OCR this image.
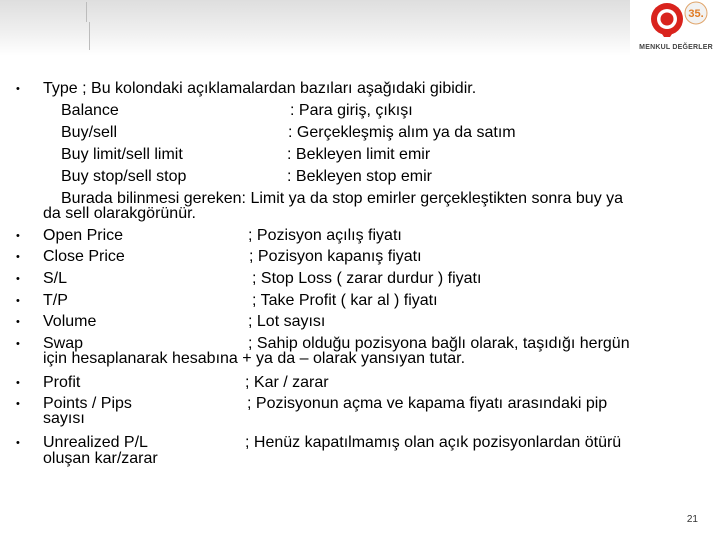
35.
MENKUL DEĞERLER
• Type ; Bu kolondaki açıklamalardan bazıları aşağıdaki gibidir.
Balance	: Para giriş, çıkışı
Buy/sell	: Gerçekleşmiş alım ya da satım
Buy limit/sell limit	: Bekleyen limit emir
Buy stop/sell stop	: Bekleyen stop emir
Burada bilinmesi gereken: Limit ya da stop emirler gerçekleştikten sonra buy ya
da sell olarakgörünür.
• Open Price	; Pozisyon açılış fiyatı
• Close Price	; Pozisyon kapanış fiyatı
• S/L	; Stop Loss ( zarar durdur ) fiyatı
• T/P	; Take Profit ( kar al ) fiyatı
• Volume	; Lot sayısı
• Swap	; Sahip olduğu pozisyona bağlı olarak, taşıdığı hergün
için hesaplanarak hesabına + ya da – olarak yansıyan tutar.
• Profit	; Kar / zarar
• Points / Pips	; Pozisyonun açma ve kapama fiyatı arasındaki pip
sayısı
• Unrealized P/L	; Henüz kapatılmamış olan açık pozisyonlardan ötürü
oluşan kar/zarar
21
